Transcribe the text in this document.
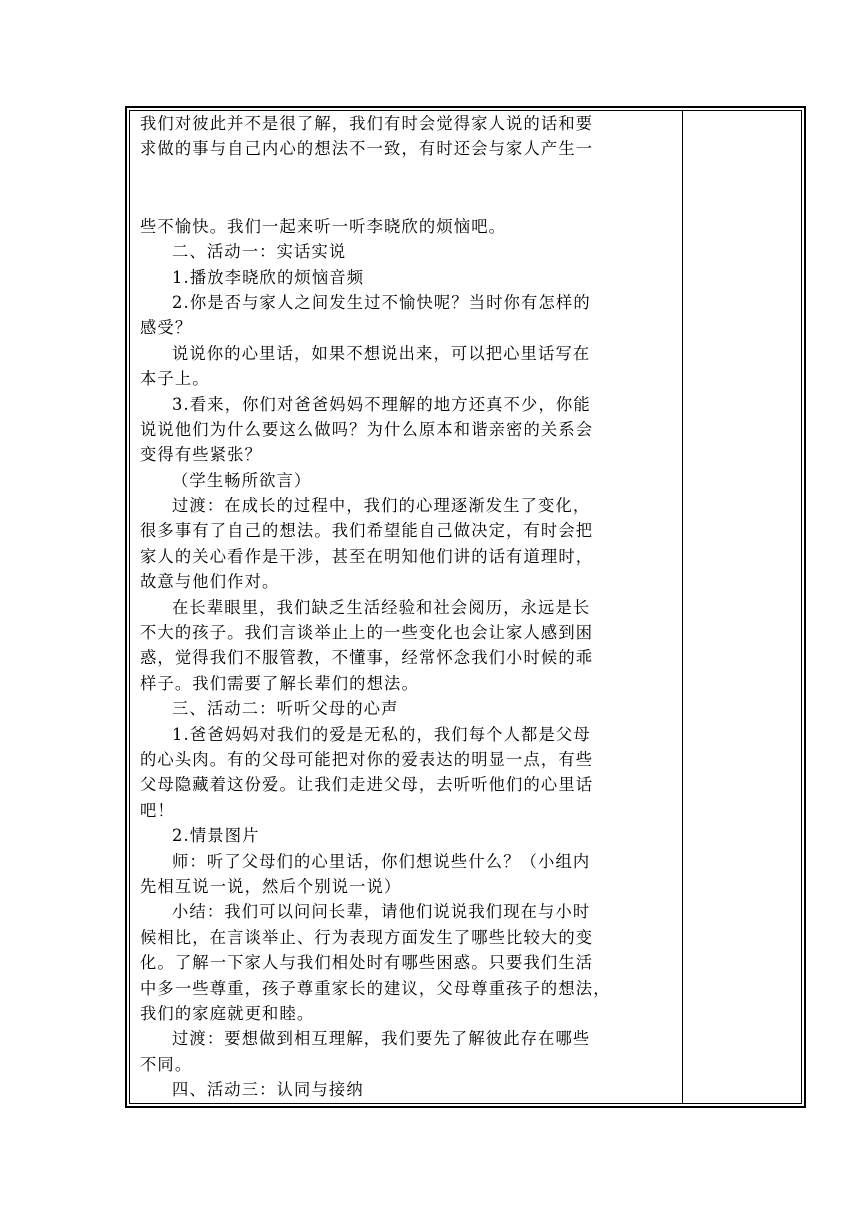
我们对彼此并不是很了解，我们有时会觉得家人说的话和要

求做的事与自己内心的想法不一致，有时还会与家人产生一

些不愉快。我们一起来听一听李晓欣的烦恼吧。

二、活动一：实话实说

1.播放李晓欣的烦恼音频

2.你是否与家人之间发生过不愉快呢？当时你有怎样的

感受？

说说你的心里话，如果不想说出来，可以把心里话写在

本子上。

3.看来，你们对爸爸妈妈不理解的地方还真不少，你能

说说他们为什么要这么做吗？为什么原本和谐亲密的关系会

变得有些紧张？

（学生畅所欲言）

过渡：在成长的过程中，我们的心理逐渐发生了变化，

很多事有了自己的想法。我们希望能自己做决定，有时会把

家人的关心看作是干涉，甚至在明知他们讲的话有道理时，

故意与他们作对。

在长辈眼里，我们缺乏生活经验和社会阅历，永远是长

不大的孩子。我们言谈举止上的一些变化也会让家人感到困

惑，觉得我们不服管教，不懂事，经常怀念我们小时候的乖

样子。我们需要了解长辈们的想法。

三、活动二：听听父母的心声

1.爸爸妈妈对我们的爱是无私的，我们每个人都是父母

的心头肉。有的父母可能把对你的爱表达的明显一点，有些

父母隐藏着这份爱。让我们走进父母，去听听他们的心里话

吧！

2.情景图片

师：听了父母们的心里话，你们想说些什么？（小组内

先相互说一说，然后个别说一说）

小结：我们可以问问长辈，请他们说说我们现在与小时

候相比，在言谈举止、行为表现方面发生了哪些比较大的变

化。了解一下家人与我们相处时有哪些困惑。只要我们生活

中多一些尊重，孩子尊重家长的建议，父母尊重孩子的想法，

我们的家庭就更和睦。

过渡：要想做到相互理解，我们要先了解彼此存在哪些

不同。

四、活动三：认同与接纳
